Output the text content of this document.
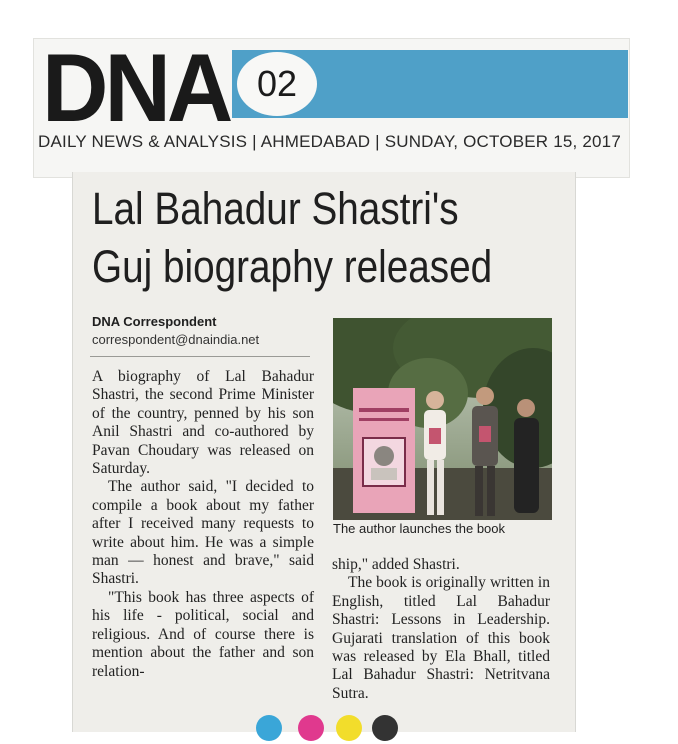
DNA 02
DAILY NEWS & ANALYSIS | AHMEDABAD | SUNDAY, OCTOBER 15, 2017
Lal Bahadur Shastri's
Guj biography released
DNA Correspondent
correspondent@dnaindia.net

A biography of Lal Bahadur Shastri, the second Prime Minister of the country, penned by his son Anil Shastri and co-authored by Pavan Choudary was released on Saturday.

The author said, "I decided to compile a book about my father after I received many requests to write about him. He was a simple man — honest and brave," said Shastri.

"This book has three aspects of his life - political, social and religious. And of course there is mention about the father and son relation-

The author launches the book

ship," added Shastri.

The book is originally written in English, titled Lal Bahadur Shastri: Lessons in Leadership. Gujarati translation of this book was released by Ela Bhall, titled Lal Bahadur Shastri: Netritvana Sutra.
